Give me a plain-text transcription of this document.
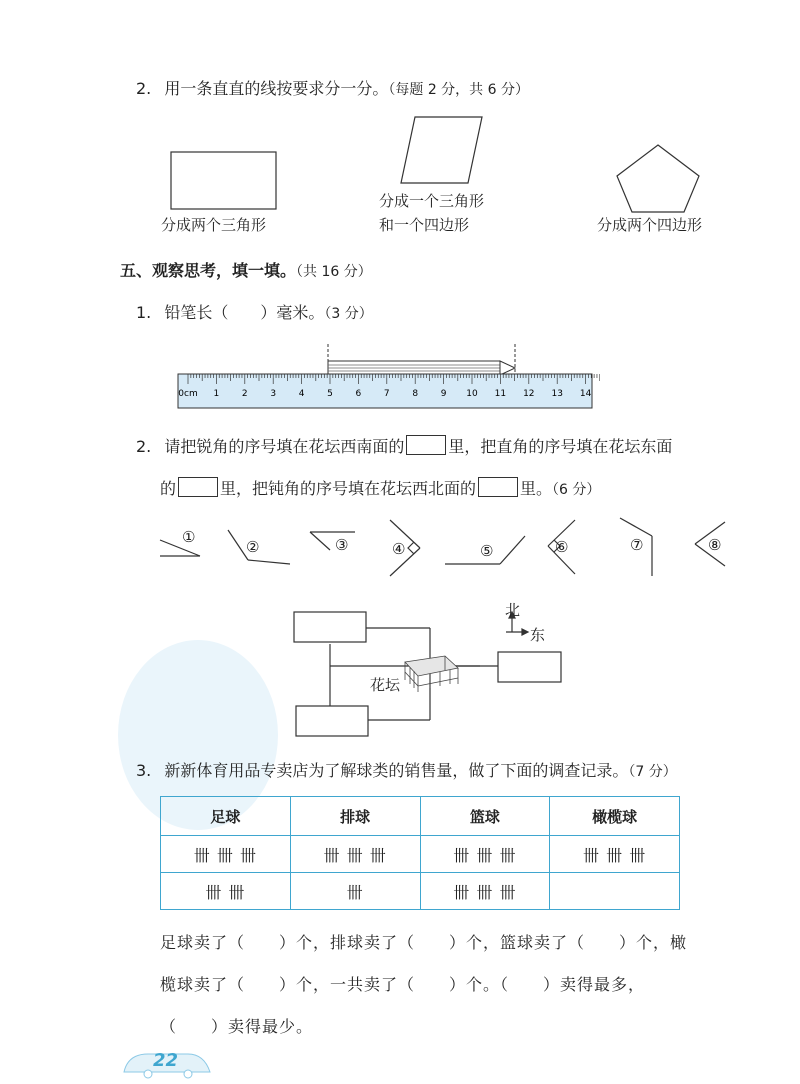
2. 用一条直直的线按要求分一分。（每题 2 分，共 6 分）
分成两个三角形
分成一个三角形
和一个四边形	分成两个四边形
五、观察思考，填一填。（共 16 分）
1. 铅笔长（　　）毫米。（3 分）
0cm 1	2	3	4	5	6	7	8	9 10 11 12 13 14
2. 请把锐角的序号填在花坛西南面的	里，把直角的序号填在花坛东面
的	里，把钝角的序号填在花坛西北面的	里。（6 分）
①
②	③	④	⑤	⑥	⑦	⑧
北
东
花坛
3. 新新体育用品专卖店为了解球类的销售量，做了下面的调查记录。（7 分）
足球	排球	篮球	橄榄球
卌 卌 卌	卌 卌 卌	卌 卌 卌	卌 卌 卌
卌 卌	卌	卌 卌 卌	
足球卖了（　　）个，排球卖了（　　）个，篮球卖了（　　）个，橄
榄球卖了（　　）个，一共卖了（　　）个。（　　）卖得最多，
（　　）卖得最少。
22
